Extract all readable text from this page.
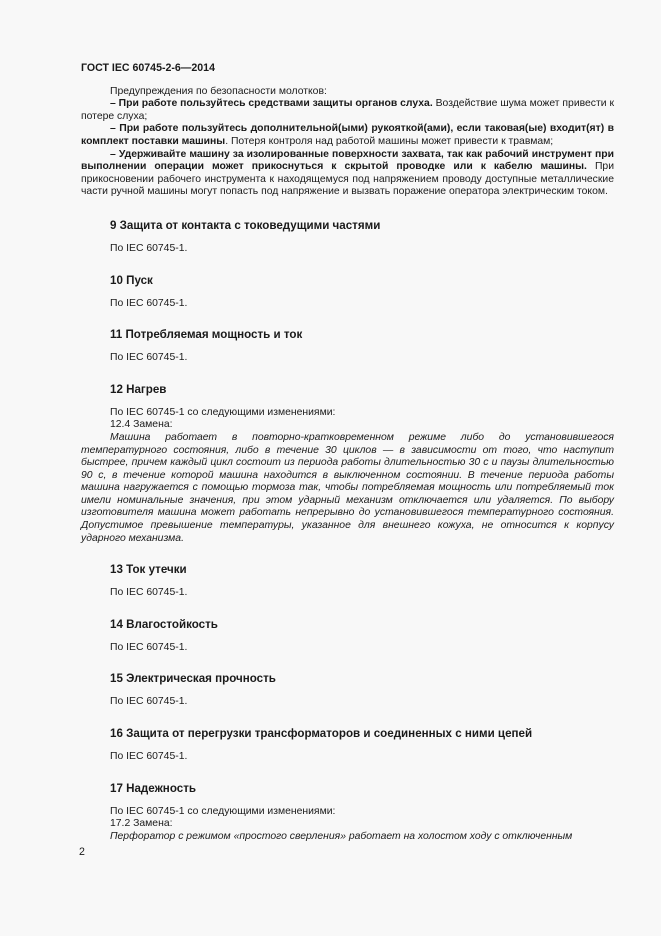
ГОСТ IEC 60745-2-6—2014

Предупреждения по безопасности молотков:

– При работе пользуйтесь средствами защиты органов слуха. Воздействие шума может привести к потере слуха;

– При работе пользуйтесь дополнительной(ыми) рукояткой(ами), если таковая(ые) входит(ят) в комплект поставки машины. Потеря контроля над работой машины может привести к травмам;

– Удерживайте машину за изолированные поверхности захвата, так как рабочий инструмент при выполнении операции может прикоснуться к скрытой проводке или к кабелю машины. При прикосновении рабочего инструмента к находящемуся под напряжением проводу доступные металлические части ручной машины могут попасть под напряжение и вызвать поражение оператора электрическим током.

9 Защита от контакта с токоведущими частями

По IEC 60745-1.

10 Пуск

По IEC 60745-1.

11 Потребляемая мощность и ток

По IEC 60745-1.

12 Нагрев

По IEC 60745-1 со следующими изменениями:

12.4 Замена:

Машина работает в повторно-кратковременном режиме либо до установившегося температурного состояния, либо в течение 30 циклов — в зависимости от того, что наступит быстрее, причем каждый цикл состоит из периода работы длительностью 30 с и паузы длительностью 90 с, в течение которой машина находится в выключенном состоянии. В течение периода работы машина нагружается с помощью тормоза так, чтобы потребляемая мощность или потребляемый ток имели номинальные значения, при этом ударный механизм отключается или удаляется. По выбору изготовителя машина может работать непрерывно до установившегося температурного состояния. Допустимое превышение температуры, указанное для внешнего кожуха, не относится к корпусу ударного механизма.

13 Ток утечки

По IEC 60745-1.

14 Влагостойкость

По IEC 60745-1.

15 Электрическая прочность

По IEC 60745-1.

16 Защита от перегрузки трансформаторов и соединенных с ними цепей

По IEC 60745-1.

17 Надежность

По IEC 60745-1 со следующими изменениями:

17.2 Замена:

Перфоратор с режимом «простого сверления» работает на холостом ходу с отключенным

2
